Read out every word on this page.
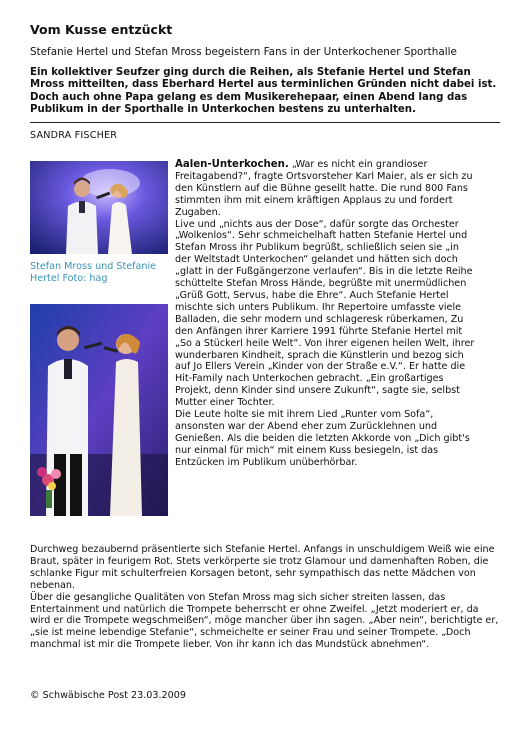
Vom Kusse entzückt

Stefanie Hertel und Stefan Mross begeistern Fans in der Unterkochener Sporthalle

Ein kollektiver Seufzer ging durch die Reihen, als Stefanie Hertel und Stefan Mross mitteilten, dass Eberhard Hertel aus terminlichen Gründen nicht dabei ist. Doch auch ohne Papa gelang es dem Musikerehepaar, einen Abend lang das Publikum in der Sporthalle in Unterkochen bestens zu unterhalten.

SANDRA FISCHER

Stefan Mross und Stefanie Hertel Foto: hag

Aalen-Unterkochen. „War es nicht ein grandioser Freitagabend?“, fragte Ortsvorsteher Karl Maier, als er sich zu den Künstlern auf die Bühne gesellt hatte. Die rund 800 Fans stimmten ihm mit einem kräftigen Applaus zu und fordert Zugaben.

Live und „nichts aus der Dose“, dafür sorgte das Orchester „Wolkenlos“. Sehr schmeichelhaft hatten Stefanie Hertel und Stefan Mross ihr Publikum begrüßt, schließlich seien sie „in der Weltstadt Unterkochen“ gelandet und hätten sich doch „glatt in der Fußgängerzone verlaufen“. Bis in die letzte Reihe schüttelte Stefan Mross Hände, begrüßte mit unermüdlichen „Grüß Gott, Servus, habe die Ehre“. Auch Stefanie Hertel mischte sich unters Publikum. Ihr Repertoire umfasste viele Balladen, die sehr modern und schlageresk rüberkamen, Zu den Anfängen ihrer Karriere 1991 führte Stefanie Hertel mit „So a Stückerl heile Welt“. Von ihrer eigenen heilen Welt, ihrer wunderbaren Kindheit, sprach die Künstlerin und bezog sich auf Jo Ellers Verein „Kinder von der Straße e.V.“. Er hatte die Hit-Family nach Unterkochen gebracht. „Ein großartiges Projekt, denn Kinder sind unsere Zukunft“, sagte sie, selbst Mutter einer Tochter.

Die Leute holte sie mit ihrem Lied „Runter vom Sofa“, ansonsten war der Abend eher zum Zurücklehnen und Genießen. Als die beiden die letzten Akkorde von „Dich gibt's nur einmal für mich“ mit einem Kuss besiegeln, ist das Entzücken im Publikum unüberhörbar.

Durchweg bezaubernd präsentierte sich Stefanie Hertel. Anfangs in unschuldigem Weiß wie eine Braut, später in feurigem Rot. Stets verkörperte sie trotz Glamour und damenhaften Roben, die schlanke Figur mit schulterfreien Korsagen betont, sehr sympathisch das nette Mädchen von nebenan.

Über die gesangliche Qualitäten von Stefan Mross mag sich sicher streiten lassen, das Entertainment und natürlich die Trompete beherrscht er ohne Zweifel. „Jetzt moderiert er, da wird er die Trompete wegschmeißen“, möge mancher über ihn sagen. „Aber nein“, berichtigte er, „sie ist meine lebendige Stefanie“, schmeichelte er seiner Frau und seiner Trompete. „Doch manchmal ist mir die Trompete lieber. Von ihr kann ich das Mundstück abnehmen“.

© Schwäbische Post 23.03.2009
